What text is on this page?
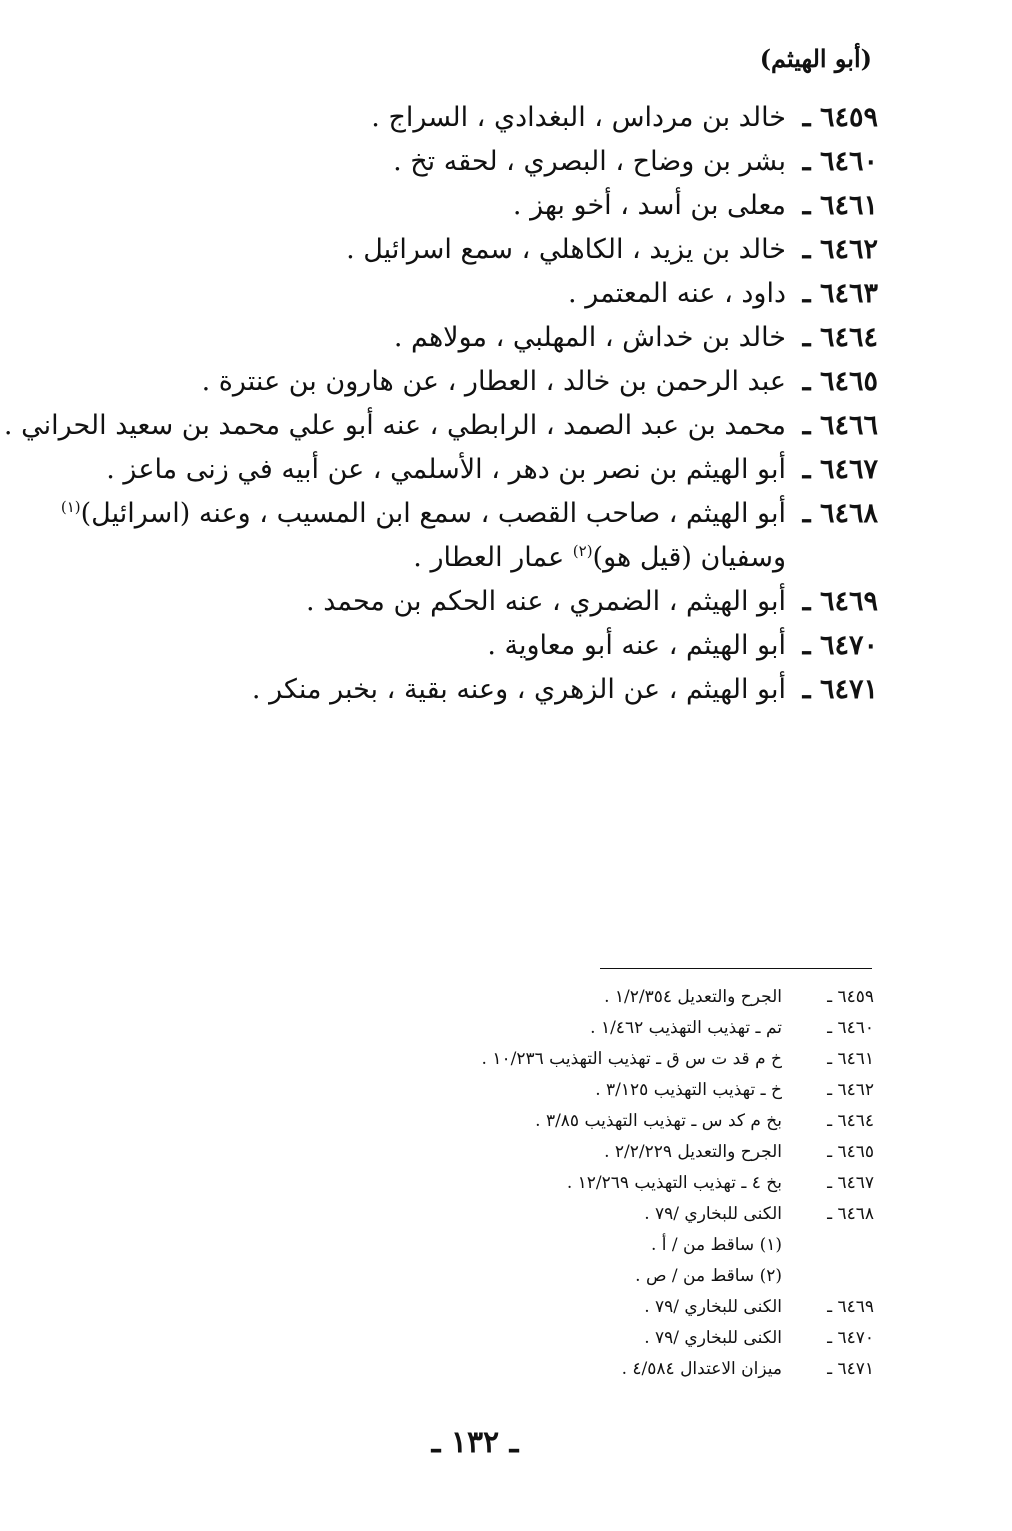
(أبو الهيثم)
٦٤٥٩ ـ
خالد بن مرداس ، البغدادي ، السراج .
٦٤٦٠ ـ
بشر بن وضاح ، البصري ، لحقه تخ .
٦٤٦١ ـ
معلى بن أسد ، أخو بهز .
٦٤٦٢ ـ
خالد بن يزيد ، الكاهلي ، سمع اسرائيل .
٦٤٦٣ ـ
داود ، عنه المعتمر .
٦٤٦٤ ـ
خالد بن خداش ، المهلبي ، مولاهم .
٦٤٦٥ ـ
عبد الرحمن بن خالد ، العطار ، عن هارون بن عنترة .
٦٤٦٦ ـ
محمد بن عبد الصمد ، الرابطي ، عنه أبو علي محمد بن سعيد الحراني .
٦٤٦٧ ـ
أبو الهيثم بن نصر بن دهر ، الأسلمي ، عن أبيه في زنى ماعز .
٦٤٦٨ ـ
أبو الهيثم ، صاحب القصب ، سمع ابن المسيب ، وعنه (اسرائيل)$^{(١)}$
وسفيان (قيل هو)$^{(٢)}$ عمار العطار .
٦٤٦٩ ـ
أبو الهيثم ، الضمري ، عنه الحكم بن محمد .
٦٤٧٠ ـ
أبو الهيثم ، عنه أبو معاوية .
٦٤٧١ ـ
أبو الهيثم ، عن الزهري ، وعنه بقية ، بخبر منكر .
٦٤٥٩ ـ
الجرح والتعديل ١/٢/٣٥٤ .
٦٤٦٠ ـ
تم ـ تهذيب التهذيب ١/٤٦٢ .
٦٤٦١ ـ
خ م قد ت س ق ـ تهذيب التهذيب ١٠/٢٣٦ .
٦٤٦٢ ـ
خ ـ تهذيب التهذيب ٣/١٢٥ .
٦٤٦٤ ـ
بخ م كد س ـ تهذيب التهذيب ٣/٨٥ .
٦٤٦٥ ـ
الجرح والتعديل ٢/٢/٢٢٩ .
٦٤٦٧ ـ
بخ ٤ ـ تهذيب التهذيب ١٢/٢٦٩ .
٦٤٦٨ ـ
الكنى للبخاري /٧٩ .
(١) ساقط من / أ .
(٢) ساقط من / ص .
٦٤٦٩ ـ
الكنى للبخاري /٧٩ .
٦٤٧٠ ـ
الكنى للبخاري /٧٩ .
٦٤٧١ ـ
ميزان الاعتدال ٤/٥٨٤ .
ـ ١٣٢ ـ
